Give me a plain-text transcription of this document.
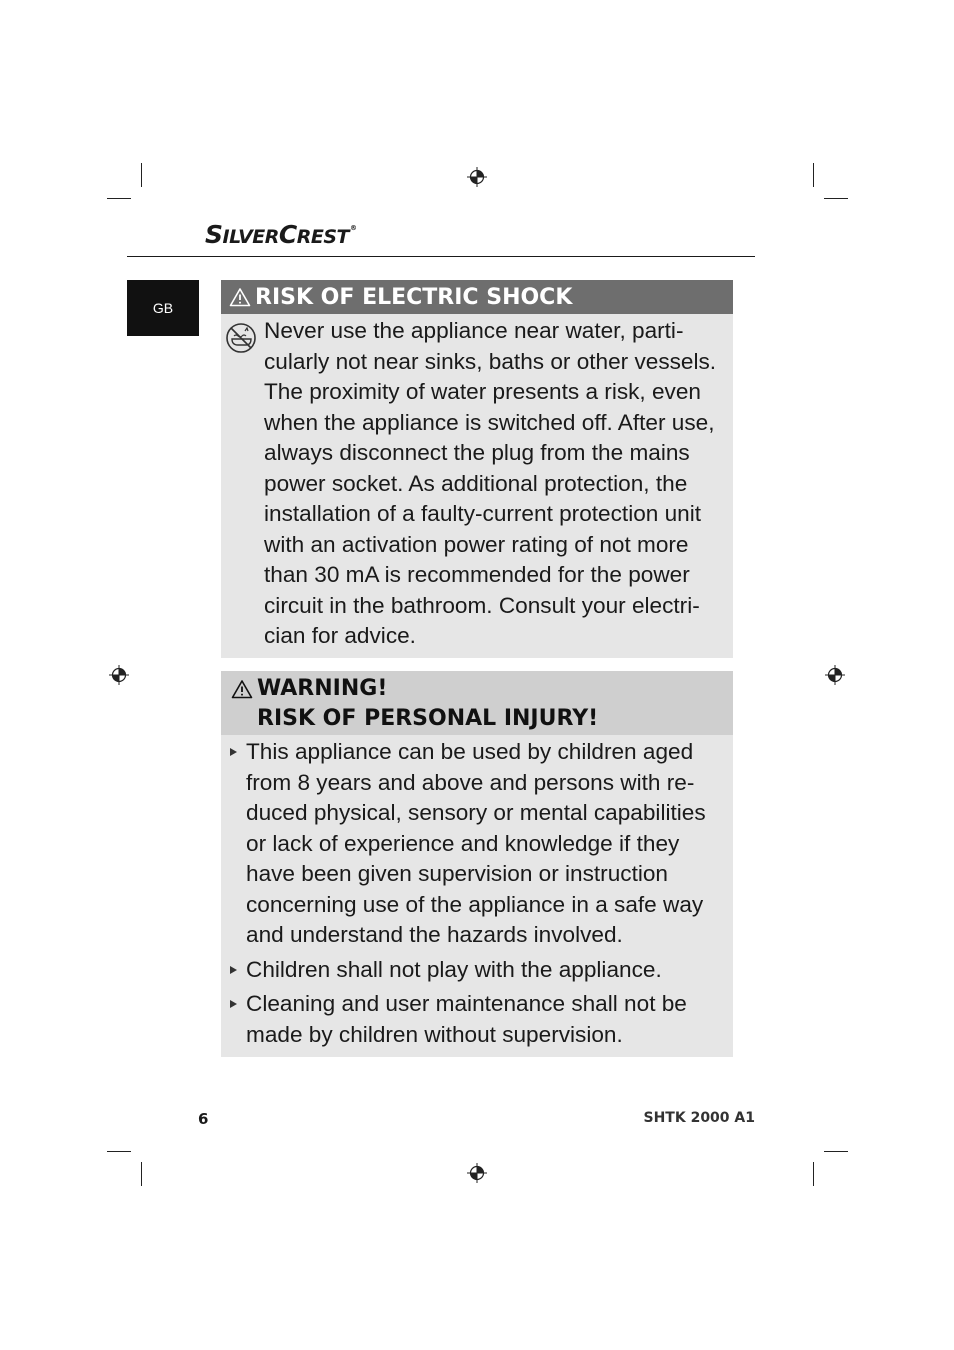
SILVERCREST®
GB	RISK OF ELECTRIC SHOCK
Never use the appliance near water, parti-
cularly not near sinks, baths or other vessels.
The proximity of water presents a risk, even
when the appliance is switched off. After use,
always disconnect the plug from the mains
power socket. As additional protection, the
installation of a faulty-current protection unit
with an activation power rating of not more
than 30 mA is recommended for the power
circuit in the bathroom. Consult your electri-
cian for advice.
WARNING!
RISK OF PERSONAL INJURY!
This appliance can be used by children aged
from 8 years and above and persons with re-
duced physical, sensory or mental capabilities
or lack of experience and knowledge if they
have been given supervision or instruction
concerning use of the appliance in a safe way
and understand the hazards involved.
Children shall not play with the appliance.
Cleaning and user maintenance shall not be
made by children without supervision.
6	SHTK 2000 A1
